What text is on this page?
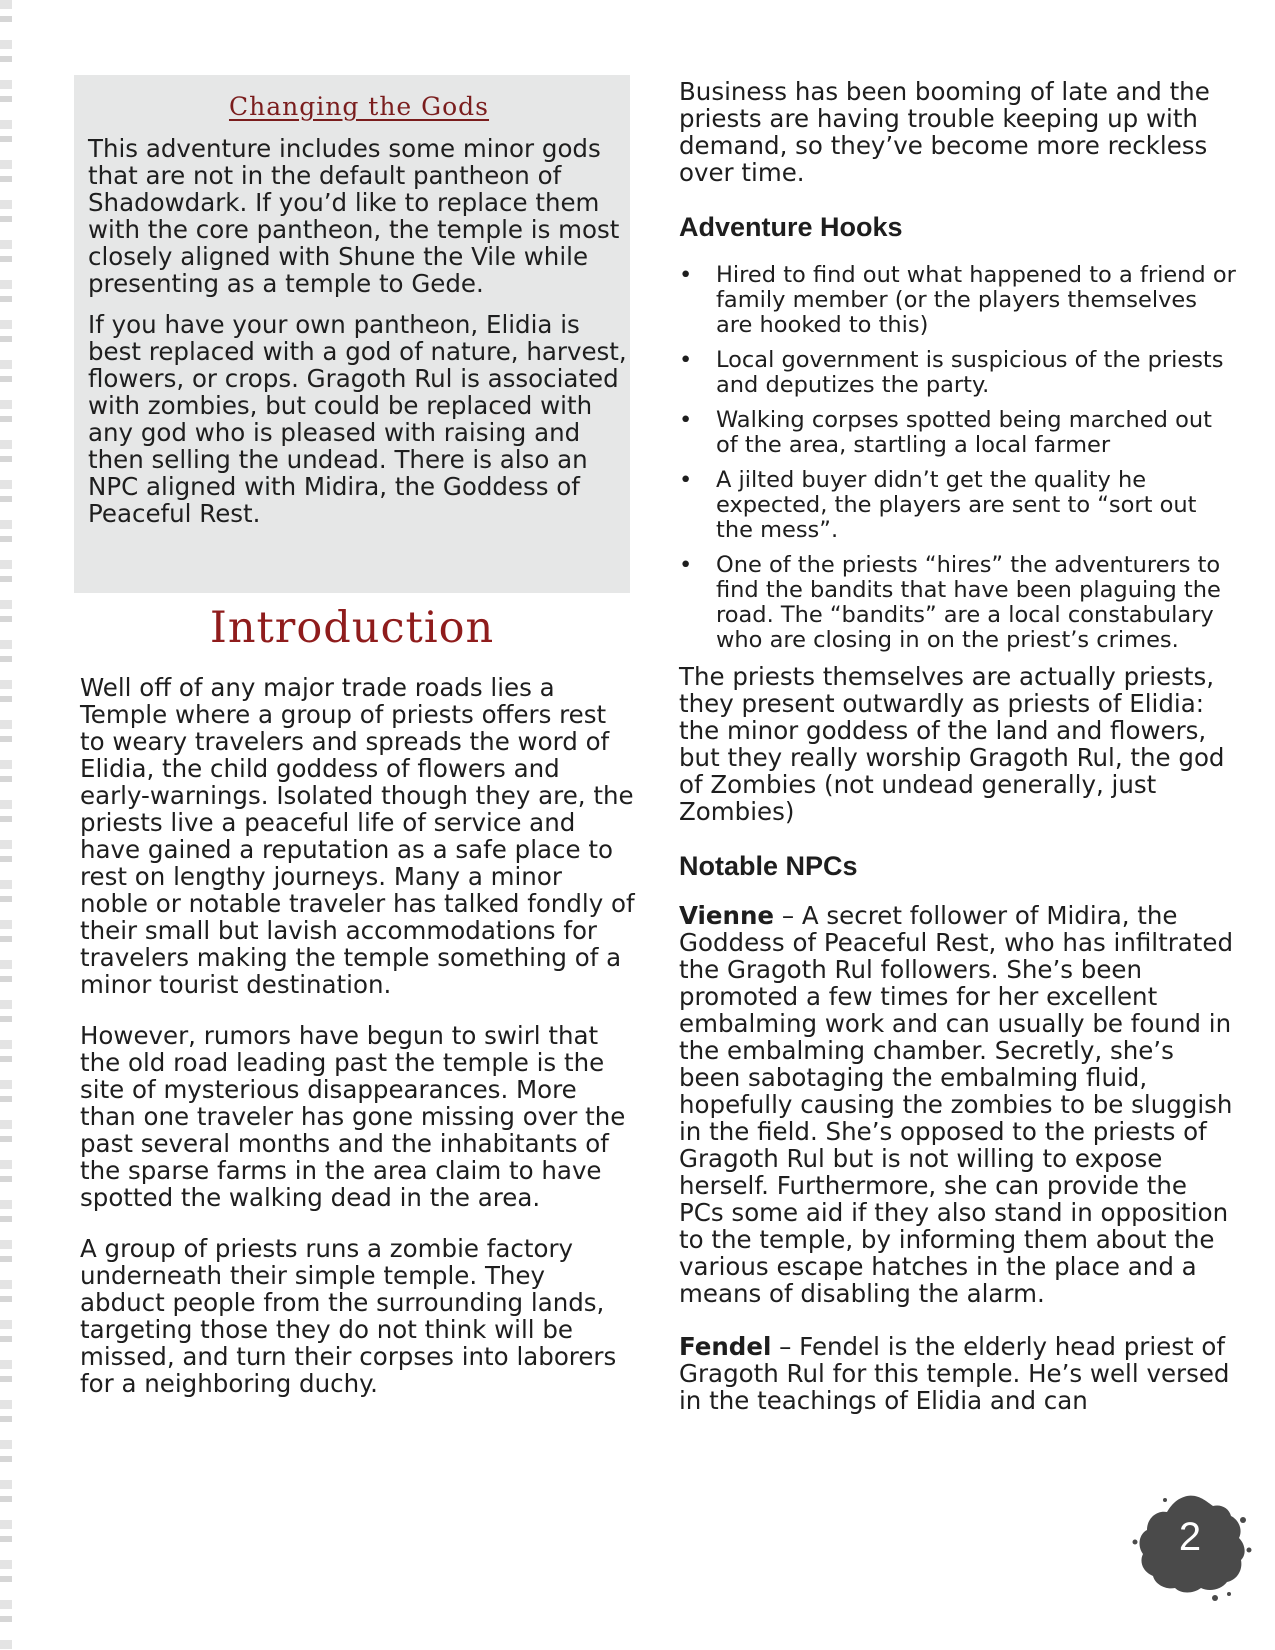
Changing the Gods

This adventure includes some minor gods that are not in the default pantheon of Shadowdark. If you’d like to replace them with the core pantheon, the temple is most closely aligned with Shune the Vile while presenting as a temple to Gede.

If you have your own pantheon, Elidia is best replaced with a god of nature, harvest, flowers, or crops. Gragoth Rul is associated with zombies, but could be replaced with any god who is pleased with raising and then selling the undead. There is also an NPC aligned with Midira, the Goddess of Peaceful Rest.

Introduction

Well off of any major trade roads lies a Temple where a group of priests offers rest to weary travelers and spreads the word of Elidia, the child goddess of flowers and early-warnings. Isolated though they are, the priests live a peaceful life of service and have gained a reputation as a safe place to rest on lengthy journeys. Many a minor noble or notable traveler has talked fondly of their small but lavish accommodations for travelers making the temple something of a minor tourist destination.

However, rumors have begun to swirl that the old road leading past the temple is the site of mysterious disappearances. More than one traveler has gone missing over the past several months and the inhabitants of the sparse farms in the area claim to have spotted the walking dead in the area.

A group of priests runs a zombie factory underneath their simple temple. They abduct people from the surrounding lands, targeting those they do not think will be missed, and turn their corpses into laborers for a neighboring duchy.

Business has been booming of late and the priests are having trouble keeping up with demand, so they’ve become more reckless over time.

Adventure Hooks
• Hired to find out what happened to a friend or family member (or the players themselves are hooked to this)
• Local government is suspicious of the priests and deputizes the party.
• Walking corpses spotted being marched out of the area, startling a local farmer
• A jilted buyer didn’t get the quality he expected, the players are sent to “sort out the mess”.
• One of the priests “hires” the adventurers to find the bandits that have been plaguing the road. The “bandits” are a local constabulary who are closing in on the priest’s crimes.

The priests themselves are actually priests, they present outwardly as priests of Elidia: the minor goddess of the land and flowers, but they really worship Gragoth Rul, the god of Zombies (not undead generally, just Zombies)

Notable NPCs

Vienne – A secret follower of Midira, the Goddess of Peaceful Rest, who has infiltrated the Gragoth Rul followers. She’s been promoted a few times for her excellent embalming work and can usually be found in the embalming chamber. Secretly, she’s been sabotaging the embalming fluid, hopefully causing the zombies to be sluggish in the field. She’s opposed to the priests of Gragoth Rul but is not willing to expose herself. Furthermore, she can provide the PCs some aid if they also stand in opposition to the temple, by informing them about the various escape hatches in the place and a means of disabling the alarm.

Fendel – Fendel is the elderly head priest of Gragoth Rul for this temple. He’s well versed in the teachings of Elidia and can

2
